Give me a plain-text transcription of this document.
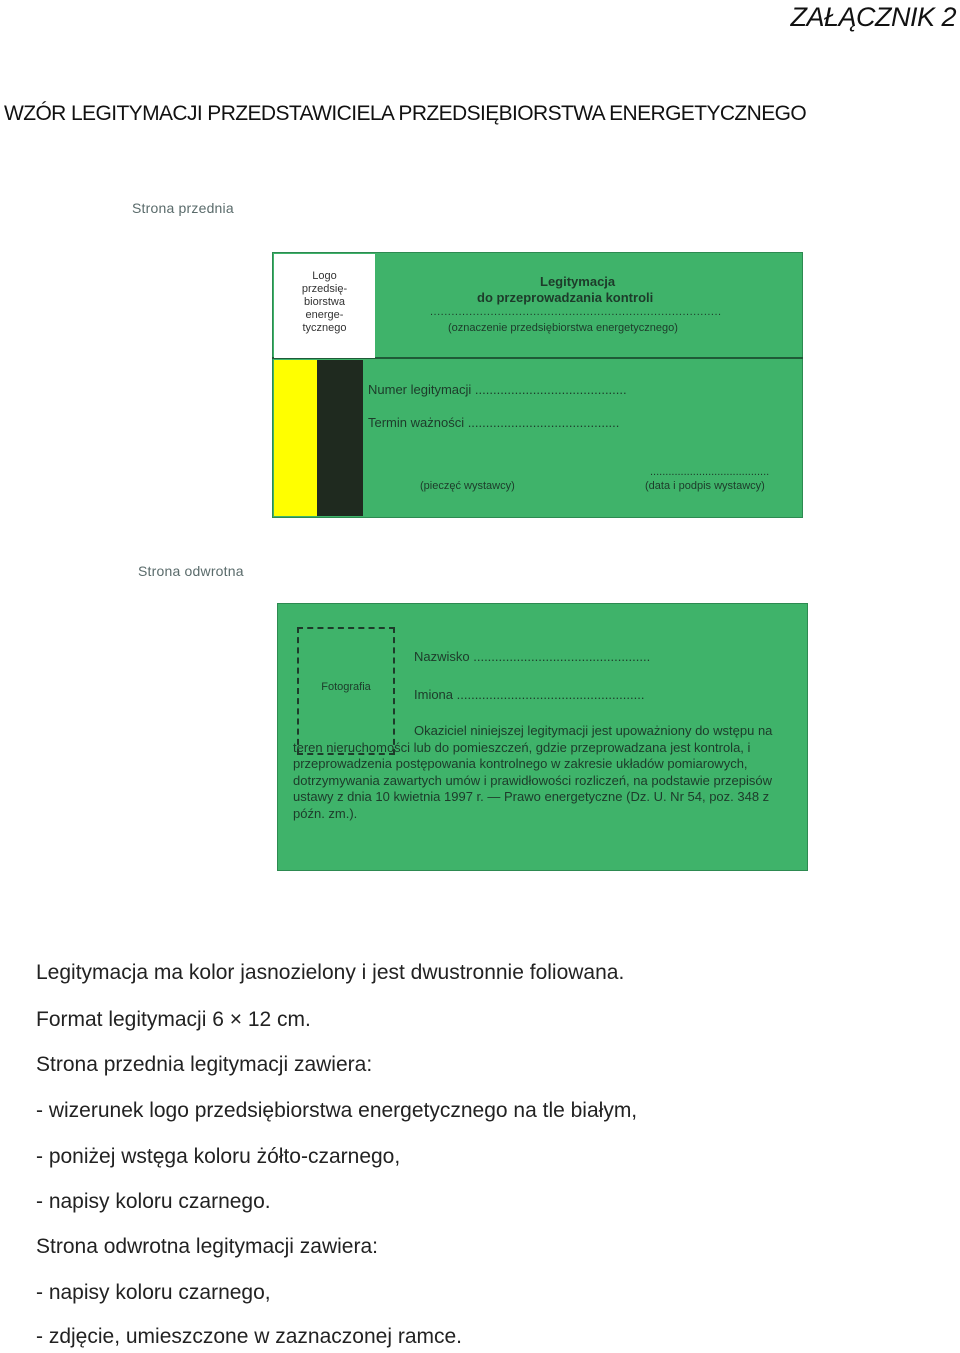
ZAŁĄCZNIK 2
WZÓR LEGITYMACJI PRZEDSTAWICIELA PRZEDSIĘBIORSTWA ENERGETYCZNEGO
Strona przednia
Logo
przedsię-
biorstwa
energe-
tycznego
Legitymacja
do przeprowadzania kontroli
..................................................................................
(oznaczenie przedsiębiorstwa energetycznego)
Numer legitymacji ..........................................
Termin ważności ..........................................
.......................................
(pieczęć wystawcy)	(data i podpis wystawcy)
Strona odwrotna
Fotografia
Nazwisko .................................................
Imiona ....................................................
Okaziciel niniejszej legitymacji jest upoważniony do wstępu na teren nieruchomości lub do pomieszczeń, gdzie przeprowadzana jest kontrola, i przeprowadzenia postępowania kontrolnego w zakresie układów pomiarowych, dotrzymywania zawartych umów i prawidłowości rozliczeń, na podstawie przepisów ustawy z dnia 10 kwietnia 1997 r. — Prawo energetyczne (Dz. U. Nr 54, poz. 348 z późn. zm.).
Legitymacja ma kolor jasnozielony i jest dwustronnie foliowana.
Format legitymacji 6 × 12 cm.
Strona przednia legitymacji zawiera:
- wizerunek logo przedsiębiorstwa energetycznego na tle białym,
- poniżej wstęga koloru żółto-czarnego,
- napisy koloru czarnego.
Strona odwrotna legitymacji zawiera:
- napisy koloru czarnego,
- zdjęcie, umieszczone w zaznaczonej ramce.
